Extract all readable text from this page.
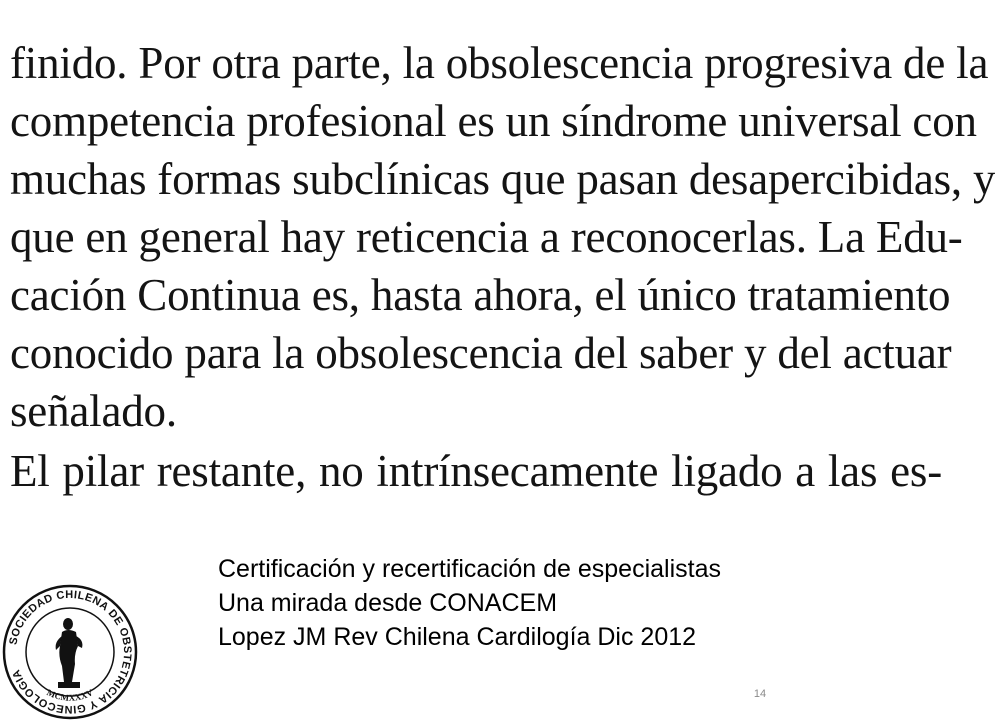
finido. Por otra parte, la obsolescencia progresiva de la
competencia profesional es un síndrome universal con
muchas formas subclínicas que pasan desapercibidas, y
que en general hay reticencia a reconocerlas. La Edu-
cación Continua es, hasta ahora, el único tratamiento
conocido para la obsolescencia del saber y del actuar
señalado.
El pilar restante, no intrínsecamente ligado a las es-
Certificación y recertificación de especialistas
Una mirada desde CONACEM
Lopez JM Rev Chilena Cardilogía Dic 2012
14
SOCIEDAD CHILENA DE OBSTETRICIA Y GINECOLOGIA
MCMXXXV
